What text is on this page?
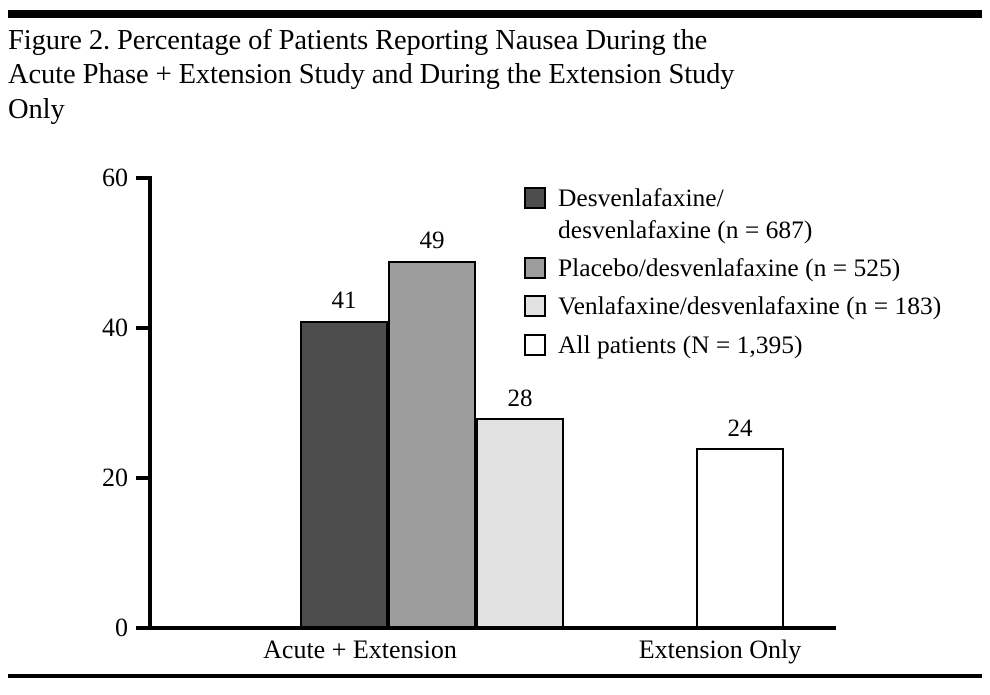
Figure 2. Percentage of Patients Reporting Nausea During the Acute Phase + Extension Study and During the Extension Study Only
60
40
20
0
41
49
28
24
Acute + Extension	Extension Only
Desvenlafaxine/
desvenlafaxine (n = 687)
Placebo/desvenlafaxine (n = 525)
Venlafaxine/desvenlafaxine (n = 183)
All patients (N = 1,395)
